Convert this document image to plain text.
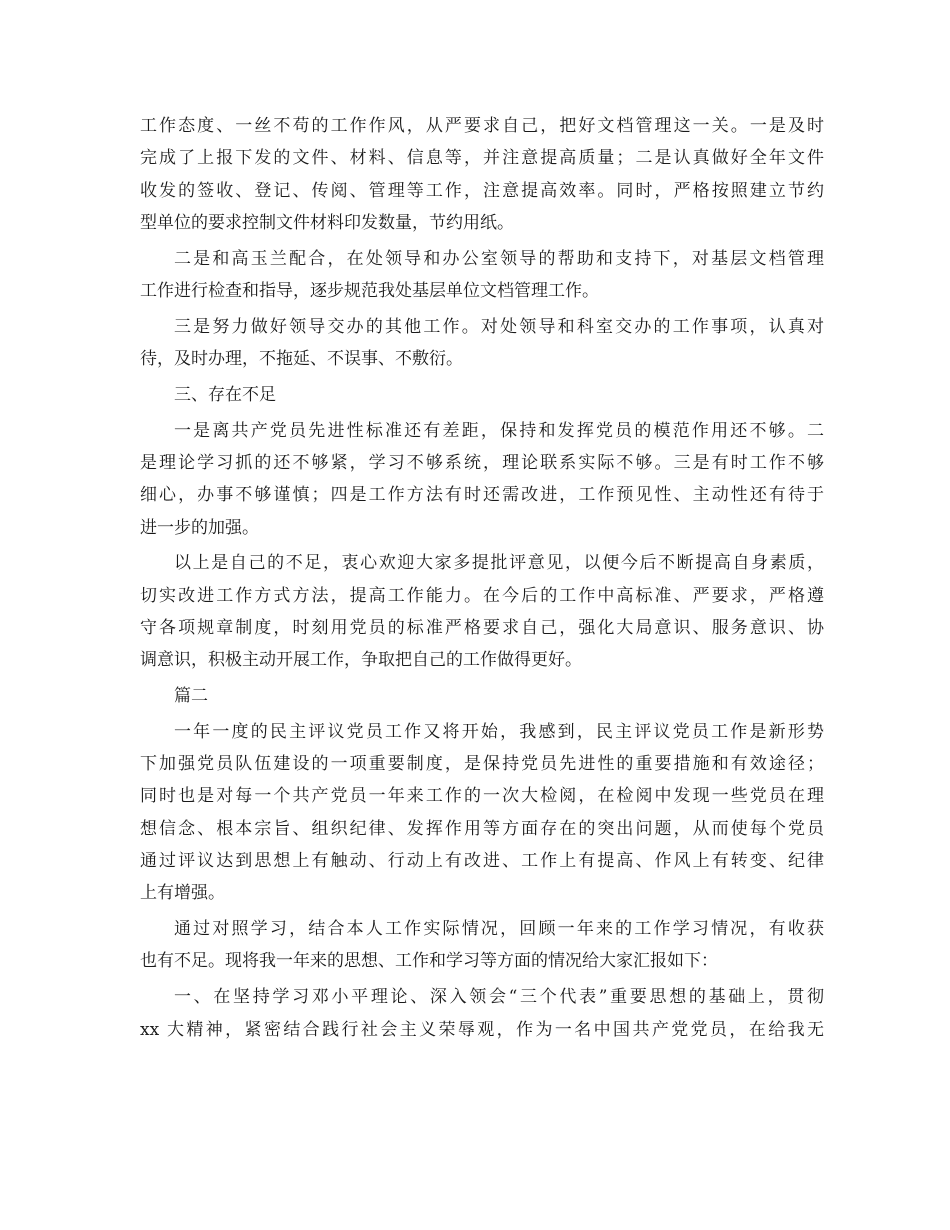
工作态度、一丝不苟的工作作风，从严要求自己，把好文档管理这一关。一是及时
完成了上报下发的文件、材料、信息等，并注意提高质量；二是认真做好全年文件
收发的签收、登记、传阅、管理等工作，注意提高效率。同时，严格按照建立节约
型单位的要求控制文件材料印发数量，节约用纸。
二是和高玉兰配合，在处领导和办公室领导的帮助和支持下，对基层文档管理
工作进行检查和指导，逐步规范我处基层单位文档管理工作。
三是努力做好领导交办的其他工作。对处领导和科室交办的工作事项，认真对
待，及时办理，不拖延、不误事、不敷衍。
三、存在不足
一是离共产党员先进性标准还有差距，保持和发挥党员的模范作用还不够。二
是理论学习抓的还不够紧，学习不够系统，理论联系实际不够。三是有时工作不够
细心，办事不够谨慎；四是工作方法有时还需改进，工作预见性、主动性还有待于
进一步的加强。
以上是自己的不足，衷心欢迎大家多提批评意见，以便今后不断提高自身素质，
切实改进工作方式方法，提高工作能力。在今后的工作中高标准、严要求，严格遵
守各项规章制度，时刻用党员的标准严格要求自己，强化大局意识、服务意识、协
调意识，积极主动开展工作，争取把自己的工作做得更好。
篇二
一年一度的民主评议党员工作又将开始，我感到，民主评议党员工作是新形势
下加强党员队伍建设的一项重要制度，是保持党员先进性的重要措施和有效途径；
同时也是对每一个共产党员一年来工作的一次大检阅，在检阅中发现一些党员在理
想信念、根本宗旨、组织纪律、发挥作用等方面存在的突出问题，从而使每个党员
通过评议达到思想上有触动、行动上有改进、工作上有提高、作风上有转变、纪律
上有增强。
通过对照学习，结合本人工作实际情况，回顾一年来的工作学习情况，有收获
也有不足。现将我一年来的思想、工作和学习等方面的情况给大家汇报如下：
一、在坚持学习邓小平理论、深入领会“三个代表”重要思想的基础上，贯彻
xx 大精神，紧密结合践行社会主义荣辱观，作为一名中国共产党党员，在给我无
